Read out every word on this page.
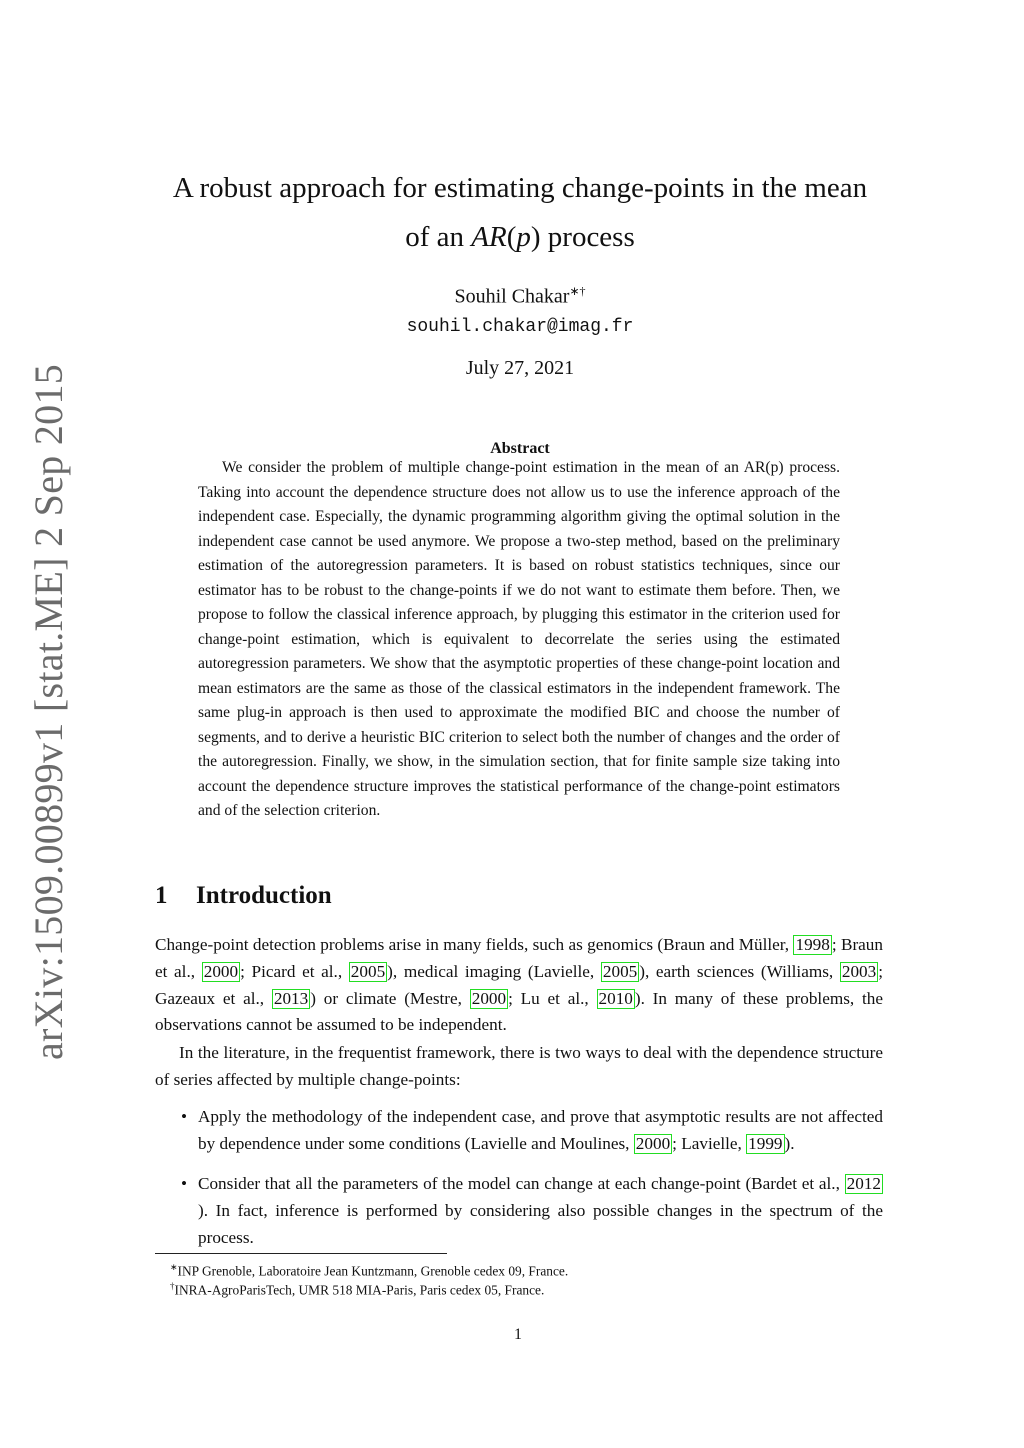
arXiv:1509.00899v1 [stat.ME] 2 Sep 2015
A robust approach for estimating change-points in the mean
of an AR(p) process
Souhil Chakar∗†
souhil.chakar@imag.fr
July 27, 2021
Abstract

We consider the problem of multiple change-point estimation in the mean of an AR(p) process. Taking into account the dependence structure does not allow us to use the inference approach of the independent case. Especially, the dynamic programming algorithm giving the optimal solution in the independent case cannot be used anymore. We propose a two-step method, based on the preliminary estimation of the autoregression parameters. It is based on robust statistics techniques, since our estimator has to be robust to the change-points if we do not want to estimate them before. Then, we propose to follow the classical inference approach, by plugging this estimator in the criterion used for change-point estimation, which is equivalent to decorrelate the series using the estimated autoregression parameters. We show that the asymptotic properties of these change-point location and mean estimators are the same as those of the classical estimators in the independent framework. The same plug-in approach is then used to approximate the modified BIC and choose the number of segments, and to derive a heuristic BIC criterion to select both the number of changes and the order of the autoregression. Finally, we show, in the simulation section, that for finite sample size taking into account the dependence structure improves the statistical performance of the change-point estimators and of the selection criterion.

1 Introduction

Change-point detection problems arise in many fields, such as genomics (Braun and Müller, 1998 ; Braun et al., 2000 ; Picard et al., 2005 ), medical imaging (Lavielle, 2005 ), earth sciences (Williams, 2003 ; Gazeaux et al., 2013 ) or climate (Mestre, 2000 ; Lu et al., 2010 ). In many of these problems, the observations cannot be assumed to be independent.

In the literature, in the frequentist framework, there is two ways to deal with the dependence structure of series affected by multiple change-points:

• Apply the methodology of the independent case, and prove that asymptotic results are not affected by dependence under some conditions (Lavielle and Moulines, 2000 ; Lavielle, 1999 ).
• Consider that all the parameters of the model can change at each change-point (Bardet et al., 2012). In fact, inference is performed by considering also possible changes in the spectrum of the process.
∗INP Grenoble, Laboratoire Jean Kuntzmann, Grenoble cedex 09, France.
†INRA-AgroParisTech, UMR 518 MIA-Paris, Paris cedex 05, France.
1
